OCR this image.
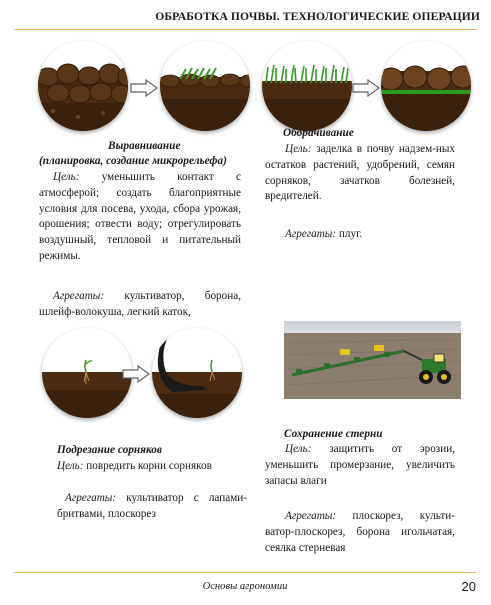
ОБРАБОТКА ПОЧВЫ. ТЕХНОЛОГИЧЕСКИЕ ОПЕРАЦИИ
Выравнивание
(планировка, создание микрорельефа)

Цель: уменьшить контакт с атмосферой; создать благоприятные условия для посева, ухода, сбора урожая, орошения; отвести воду; отрегулировать воздушный, тепловой и питательный режимы.

Агрегаты: культиватор, борона, шлейф-волокуша, легкий каток,

Оборачивание

Цель: заделка в почву надзем-ных остатков растений, удобрений, семян сорняков, зачатков болезней, вредителей.

Агрегаты: плуг.

Подрезание сорняков

Цель: повредить корни сорняков

Агрегаты: культиватор с лапами-бритвами, плоскорез

Сохранение стерни

Цель: защитить от эрозии, уменьшить промерзание, увеличить запасы влаги

Агрегаты: плоскорез, культи-ватор-плоскорез, борона игольчатая, сеялка стерневая

Основы агрономии	20
